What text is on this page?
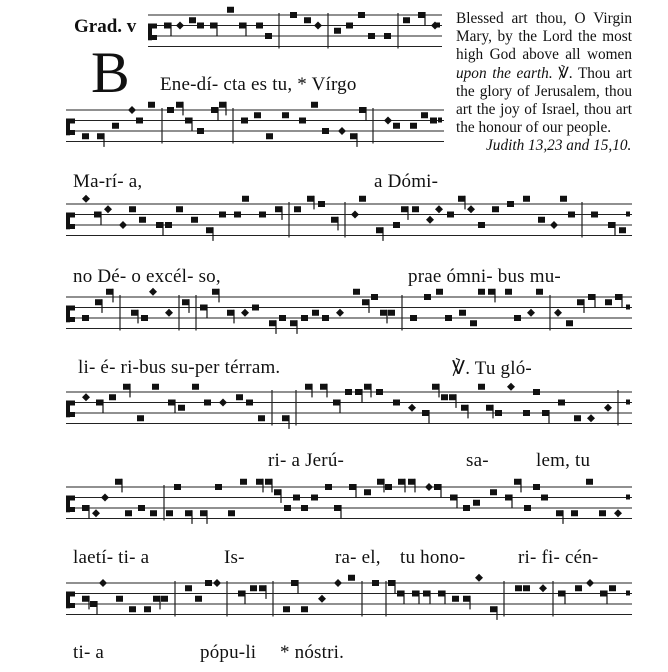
Grad. v
B
Blessed art thou, O Virgin Mary, by the Lord the most high God above all women upon the earth. ℣. Thou art the glory of Jerusalem, thou art the joy of Israel, thou art the honour of our people.
Judith 13,23 and 15,10.
Ene-dí- cta es tu, * Vírgo
Ma-rí- a,	a Dómi-
no Dé- o excél- so,	prae ómni- bus mu-
li- é- ri-bus su-per térram.	℣. Tu gló-
ri- a Jerú-	sa- lem, tu
laetí- ti- a	Is-	ra- el, tu hono-	ri- fi- cén-
ti- a	pópu-li * nóstri.
